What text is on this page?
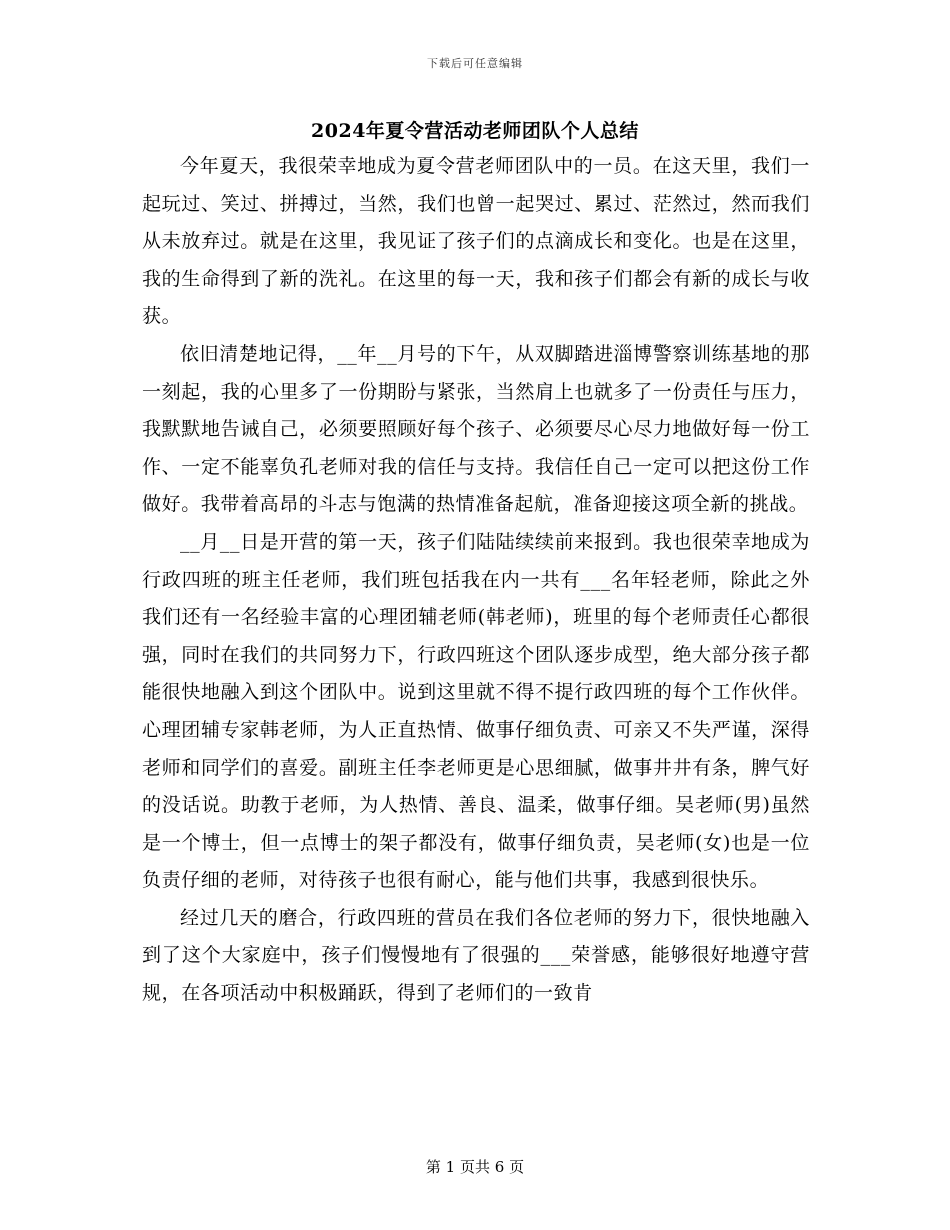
下载后可任意编辑
2024年夏令营活动老师团队个人总结

今年夏天，我很荣幸地成为夏令营老师团队中的一员。在这天里，我们一起玩过、笑过、拼搏过，当然，我们也曾一起哭过、累过、茫然过，然而我们从未放弃过。就是在这里，我见证了孩子们的点滴成长和变化。也是在这里，我的生命得到了新的洗礼。在这里的每一天，我和孩子们都会有新的成长与收获。

依旧清楚地记得，__年__月号的下午，从双脚踏进淄博警察训练基地的那一刻起，我的心里多了一份期盼与紧张，当然肩上也就多了一份责任与压力，我默默地告诫自己，必须要照顾好每个孩子、必须要尽心尽力地做好每一份工作、一定不能辜负孔老师对我的信任与支持。我信任自己一定可以把这份工作做好。我带着高昂的斗志与饱满的热情准备起航，准备迎接这项全新的挑战。

__月__日是开营的第一天，孩子们陆陆续续前来报到。我也很荣幸地成为行政四班的班主任老师，我们班包括我在内一共有___名年轻老师，除此之外我们还有一名经验丰富的心理团辅老师(韩老师)，班里的每个老师责任心都很强，同时在我们的共同努力下，行政四班这个团队逐步成型，绝大部分孩子都能很快地融入到这个团队中。说到这里就不得不提行政四班的每个工作伙伴。心理团辅专家韩老师，为人正直热情、做事仔细负责、可亲又不失严谨，深得老师和同学们的喜爱。副班主任李老师更是心思细腻，做事井井有条，脾气好的没话说。助教于老师，为人热情、善良、温柔，做事仔细。吴老师(男)虽然是一个博士，但一点博士的架子都没有，做事仔细负责，吴老师(女)也是一位负责仔细的老师，对待孩子也很有耐心，能与他们共事，我感到很快乐。

经过几天的磨合，行政四班的营员在我们各位老师的努力下，很快地融入到了这个大家庭中，孩子们慢慢地有了很强的___荣誉感，能够很好地遵守营规，在各项活动中积极踊跃，得到了老师们的一致肯

第 1 页共 6 页
